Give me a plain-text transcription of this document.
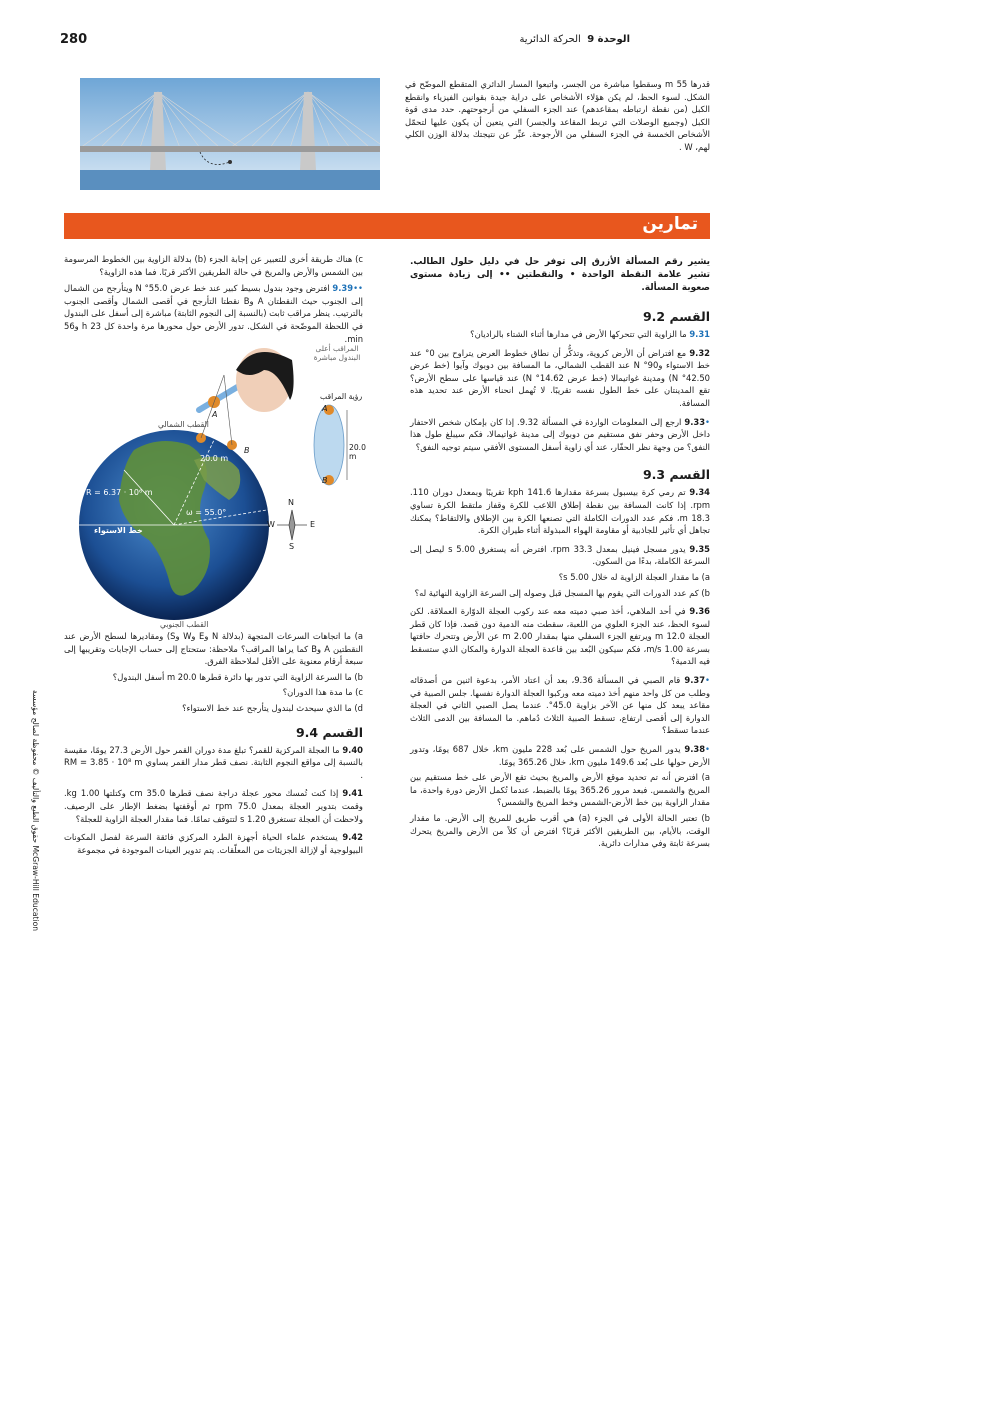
280	الوحدة 9  الحركة الدائرية
قدرها 55 m وسقطوا مباشرة من الجسر، واتبعوا المسار الدائري المتقطع الموضّح في الشكل. لسوء الحظ، لم يكن هؤلاء الأشخاص على دراية جيدة بقوانين الفيزياء وانقطع الكبل (من نقطة ارتباطه بمقاعدهم) عند الجزء السفلي من أرجوحتهم. حدد مدى قوة الكبل (وجميع الوصلات التي تربط المقاعد والجسر) التي يتعين أن يكون عليها لتحمّل الأشخاص الخمسة في الجزء السفلي من الأرجوحة. عبِّر عن نتيجتك بدلالة الوزن الكلي لهم، W .
تمارين

يشير رقم المسألة الأزرق إلى توفر حل في دليل حلول الطالب. تشير علامة النقطة الواحدة • والنقطتين •• إلى زيادة مستوى صعوبة المسألة.

القسم 9.2

9.31 ما الزاوية التي تتحركها الأرض في مدارها أثناء الشتاء بالراديان؟

9.32 مع افتراض أن الأرض كروية، وتذكُّر أن نطاق خطوط العرض يتراوح بين 0° عند خط الاستواء و90° N عند القطب الشمالي، ما المسافة بين دوبوك وآيوا (خط عرض 42.50° N) ومدينة غواتيمالا (خط عرض 14.62° N) عند قياسها على سطح الأرض؟ تقع المدينتان على خط الطول نفسه تقريبًا. لا تُهمل انحناء الأرض عند تحديد هذه المسافة.

•9.33 ارجع إلى المعلومات الواردة في المسألة 9.32. إذا كان بإمكان شخص الاحتفار داخل الأرض وحفر نفق مستقيم من دوبوك إلى مدينة غواتيمالا، فكم سيبلغ طول هذا النفق؟ من وجهة نظر الحفّار، عند أي زاوية أسفل المستوى الأفقي سيتم توجيه النفق؟

القسم 9.3

9.34 تم رمي كرة بيسبول بسرعة مقدارها 141.6 kph تقريبًا وبمعدل دوران 110. rpm. إذا كانت المسافة بين نقطة إطلاق اللاعب للكرة وقفاز ملتقط الكرة تساوي 18.3 m، فكم عدد الدورات الكاملة التي تصنعها الكرة بين الإطلاق والالتقاط؟ يمكنك تجاهل أي تأثير للجاذبية أو مقاومة الهواء المبذولة أثناء طيران الكرة.

9.35 يدور مسجل فينيل بمعدل 33.3 rpm. افترض أنه يستغرق 5.00 s ليصل إلى السرعة الكاملة، بدءًا من السكون.

a) ما مقدار العجلة الزاوية له خلال 5.00 s؟

b) كم عدد الدورات التي يقوم بها المسجل قبل وصوله إلى السرعة الزاوية النهائية له؟

9.36 في أحد الملاهي، أخذ صبي دميته معه عند ركوب العجلة الدوّارة العملاقة. لكن لسوء الحظ، عند الجزء العلوي من اللعبة، سقطت منه الدمية دون قصد. فإذا كان قطر العجلة 12.0 m ويرتفع الجزء السفلي منها بمقدار 2.00 m عن الأرض وتتحرك حافتها بسرعة 1.00 m/s، فكم سيكون البُعد بين قاعدة العجلة الدوارة والمكان الذي ستسقط فيه الدمية؟

•9.37 قام الصبي في المسألة 9.36، بعد أن اعتاد الأمر، بدعوة اثنين من أصدقائه وطلب من كل واحد منهم أخذ دميته معه وركبوا العجلة الدوارة نفسها. جلس الصبية في مقاعد يبعد كل منها عن الآخر بزاوية 45.0°. عندما يصل الصبي الثاني في العجلة الدوارة إلى أقصى ارتفاع، تسقط الصبية الثلاث دُماهم. ما المسافة بين الدمى الثلاث عندما تسقط؟

•9.38 يدور المريخ حول الشمس على بُعد 228 مليون km، خلال 687 يومًا، وتدور الأرض حولها على بُعد 149.6 مليون km، خلال 365.26 يومًا.

a) افترض أنه تم تحديد موقع الأرض والمريخ بحيث تقع الأرض على خط مستقيم بين المريخ والشمس. فبعد مرور 365.26 يومًا بالضبط، عندما تُكمل الأرض دورة واحدة، ما مقدار الزاوية بين خط الأرض-الشمس وخط المريخ والشمس؟

b) تعتبر الحالة الأولى في الجزء (a) هي أقرب طريق للمريخ إلى الأرض. ما مقدار الوقت، بالأيام، بين الطريقين الأكثر قربًا؟ افترض أن كلاً من الأرض والمريخ يتحرك بسرعة ثابتة وفي مدارات دائرية.

c) هناك طريقة أخرى للتعبير عن إجابة الجزء (b) بدلالة الزاوية بين الخطوط المرسومة بين الشمس والأرض والمريخ في حالة الطريقين الأكثر قربًا. فما هذه الزاوية؟

••9.39 افترض وجود بندول بسيط كبير عند خط عرض 55.0° N ويتأرجح من الشمال إلى الجنوب حيث النقطتان A وB نقطتا التأرجح في أقصى الشمال وأقصى الجنوب بالترتيب. ينظر مراقب ثابت (بالنسبة إلى النجوم الثابتة) مباشرة إلى أسفل على البندول في اللحظة الموضّحة في الشكل. تدور الأرض حول محورها مرة واحدة كل 23 h و56 min.

المراقب أعلى البندول مباشرة
رؤية المراقب
القطب الشمالي
القطب الجنوبي
خط الاستواء
R = 6.37 · 10⁶ m
ω = 55.0°
20.0 m
20.0 m
A
B
A
B
N
S
E
W

a) ما اتجاهات السرعات المتجهة (بدلالة N وE وW وS) ومقاديرها لسطح الأرض عند النقطتين A وB كما يراها المراقب؟ ملاحظة: ستحتاج إلى حساب الإجابات وتقريبها إلى سبعة أرقام معنوية على الأقل لملاحظة الفرق.

b) ما السرعة الزاوية التي تدور بها دائرة قطرها 20.0 m أسفل البندول؟

c) ما مدة هذا الدوران؟

d) ما الذي سيحدث لبندول يتأرجح عند خط الاستواء؟

القسم 9.4

9.40 ما العجلة المركزية للقمر؟ تبلغ مدة دوران القمر حول الأرض 27.3 يومًا، مقيسة بالنسبة إلى مواقع النجوم الثابتة. نصف قطر مدار القمر يساوي RM = 3.85 · 10⁸ m .

9.41 إذا كنت تُمسك محور عجلة دراجة نصف قطرها 35.0 cm وكتلتها 1.00 kg. وقمت بتدوير العجلة بمعدل 75.0 rpm ثم أوقفتها بضغط الإطار على الرصيف. ولاحظت أن العجلة تستغرق 1.20 s لتتوقف تمامًا. فما مقدار العجلة الزاوية للعجلة؟

9.42 يستخدم علماء الحياة أجهزة الطرد المركزي فائقة السرعة لفصل المكونات البيولوجية أو لإزالة الجزيئات من المعلّقات. يتم تدوير العينات الموجودة في مجموعة

حقوق الطبع والتأليف © محفوظة لصالح مؤسسة McGraw-Hill Education
